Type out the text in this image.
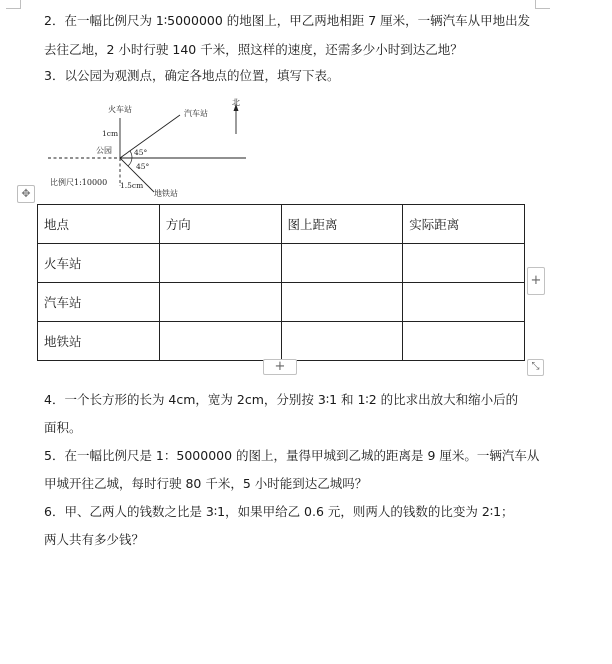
2．在一幅比例尺为 1∶5000000 的地图上，甲乙两地相距 7 厘米，一辆汽车从甲地出发
去往乙地，2 小时行驶 140 千米，照这样的速度，还需多少小时到达乙地？
3．以公园为观测点，确定各地点的位置，填写下表。
火车站	汽车站
北
1cm
公园	45°
45°
比例尺1:10000 1.5cm
地铁站
✥
地点	方向	图上距离	实际距离
火车站			
汽车站			
地铁站			
+
+	⤡
4．一个长方形的长为 4cm，宽为 2cm，分别按 3∶1 和 1∶2 的比求出放大和缩小后的
面积。
5．在一幅比例尺是 1：5000000 的图上，量得甲城到乙城的距离是 9 厘米。一辆汽车从
甲城开往乙城，每时行驶 80 千米，5 小时能到达乙城吗？
6．甲、乙两人的钱数之比是 3∶1，如果甲给乙 0.6 元，则两人的钱数的比变为 2∶1；
两人共有多少钱？
